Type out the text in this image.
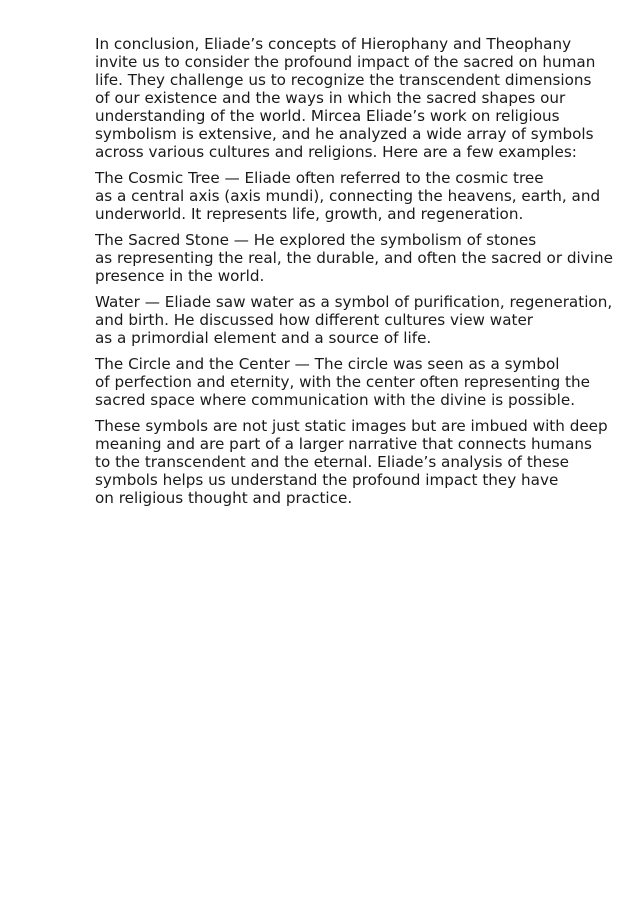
In conclusion, Eliade’s concepts of Hierophany and Theophany
invite us to consider the profound impact of the sacred on human
life. They challenge us to recognize the transcendent dimensions
of our existence and the ways in which the sacred shapes our
understanding of the world. Mircea Eliade’s work on religious
symbolism is extensive, and he analyzed a wide array of symbols
across various cultures and religions. Here are a few examples:

The Cosmic Tree — Eliade often referred to the cosmic tree
as a central axis (axis mundi), connecting the heavens, earth, and
underworld. It represents life, growth, and regeneration.

The Sacred Stone — He explored the symbolism of stones
as representing the real, the durable, and often the sacred or divine
presence in the world.

Water — Eliade saw water as a symbol of purification, regeneration,
and birth. He discussed how different cultures view water
as a primordial element and a source of life.

The Circle and the Center — The circle was seen as a symbol
of perfection and eternity, with the center often representing the
sacred space where communication with the divine is possible.

These symbols are not just static images but are imbued with deep
meaning and are part of a larger narrative that connects humans
to the transcendent and the eternal. Eliade’s analysis of these
symbols helps us understand the profound impact they have
on religious thought and practice.
